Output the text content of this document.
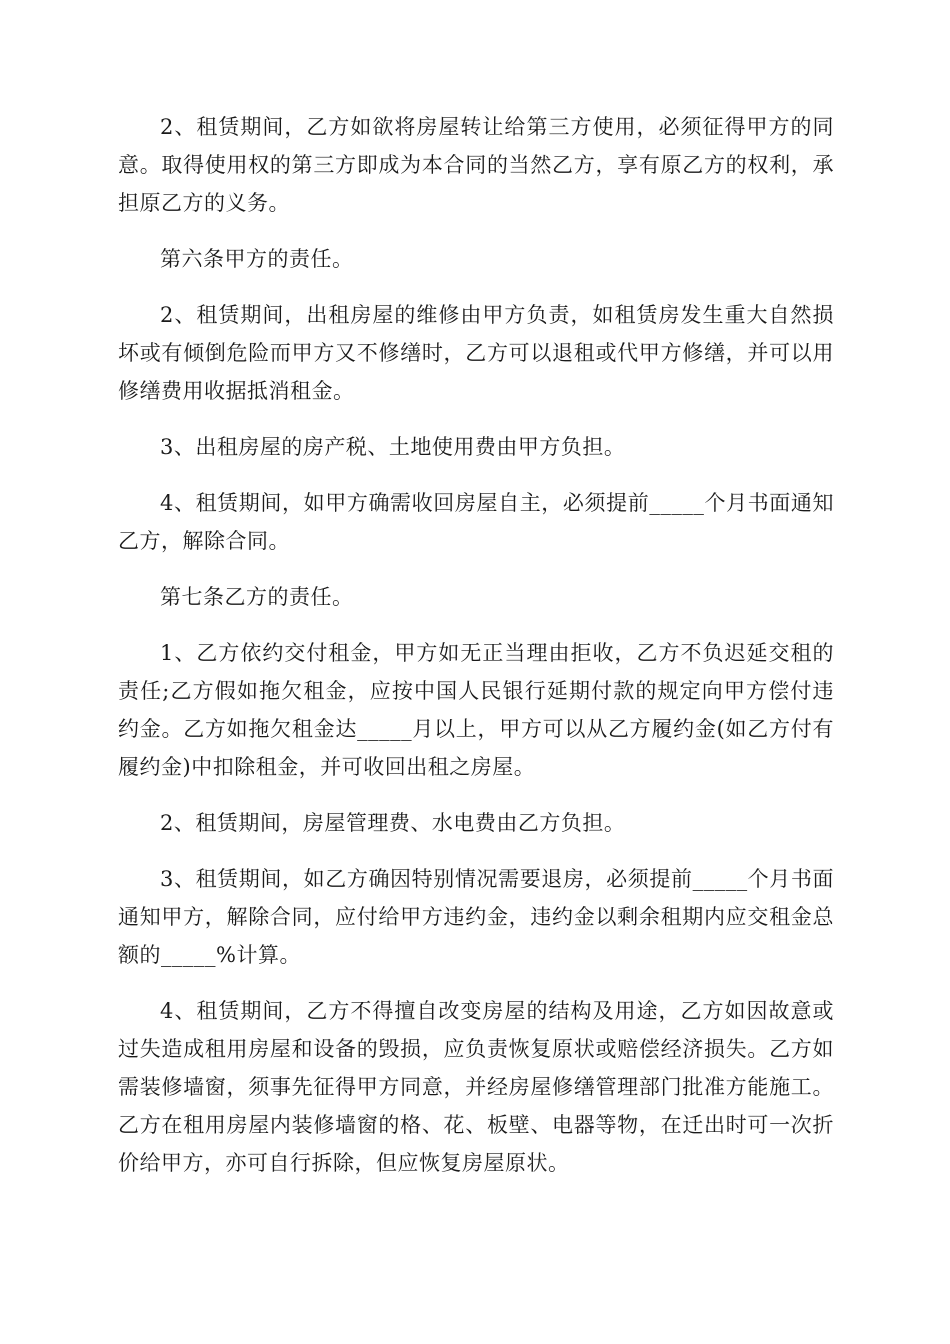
2、租赁期间，乙方如欲将房屋转让给第三方使用，必须征得甲方的同意。取得使用权的第三方即成为本合同的当然乙方，享有原乙方的权利，承担原乙方的义务。

第六条甲方的责任。

2、租赁期间，出租房屋的维修由甲方负责，如租赁房发生重大自然损坏或有倾倒危险而甲方又不修缮时，乙方可以退租或代甲方修缮，并可以用修缮费用收据抵消租金。

3、出租房屋的房产税、土地使用费由甲方负担。

4、租赁期间，如甲方确需收回房屋自主，必须提前_____个月书面通知乙方，解除合同。

第七条乙方的责任。

1、乙方依约交付租金，甲方如无正当理由拒收，乙方不负迟延交租的责任;乙方假如拖欠租金，应按中国人民银行延期付款的规定向甲方偿付违约金。乙方如拖欠租金达_____月以上，甲方可以从乙方履约金(如乙方付有履约金)中扣除租金，并可收回出租之房屋。

2、租赁期间，房屋管理费、水电费由乙方负担。

3、租赁期间，如乙方确因特别情况需要退房，必须提前_____个月书面通知甲方，解除合同，应付给甲方违约金，违约金以剩余租期内应交租金总额的_____%计算。

4、租赁期间，乙方不得擅自改变房屋的结构及用途，乙方如因故意或过失造成租用房屋和设备的毁损，应负责恢复原状或赔偿经济损失。乙方如需装修墙窗，须事先征得甲方同意，并经房屋修缮管理部门批准方能施工。乙方在租用房屋内装修墙窗的格、花、板壁、电器等物，在迁出时可一次折价给甲方，亦可自行拆除，但应恢复房屋原状。
